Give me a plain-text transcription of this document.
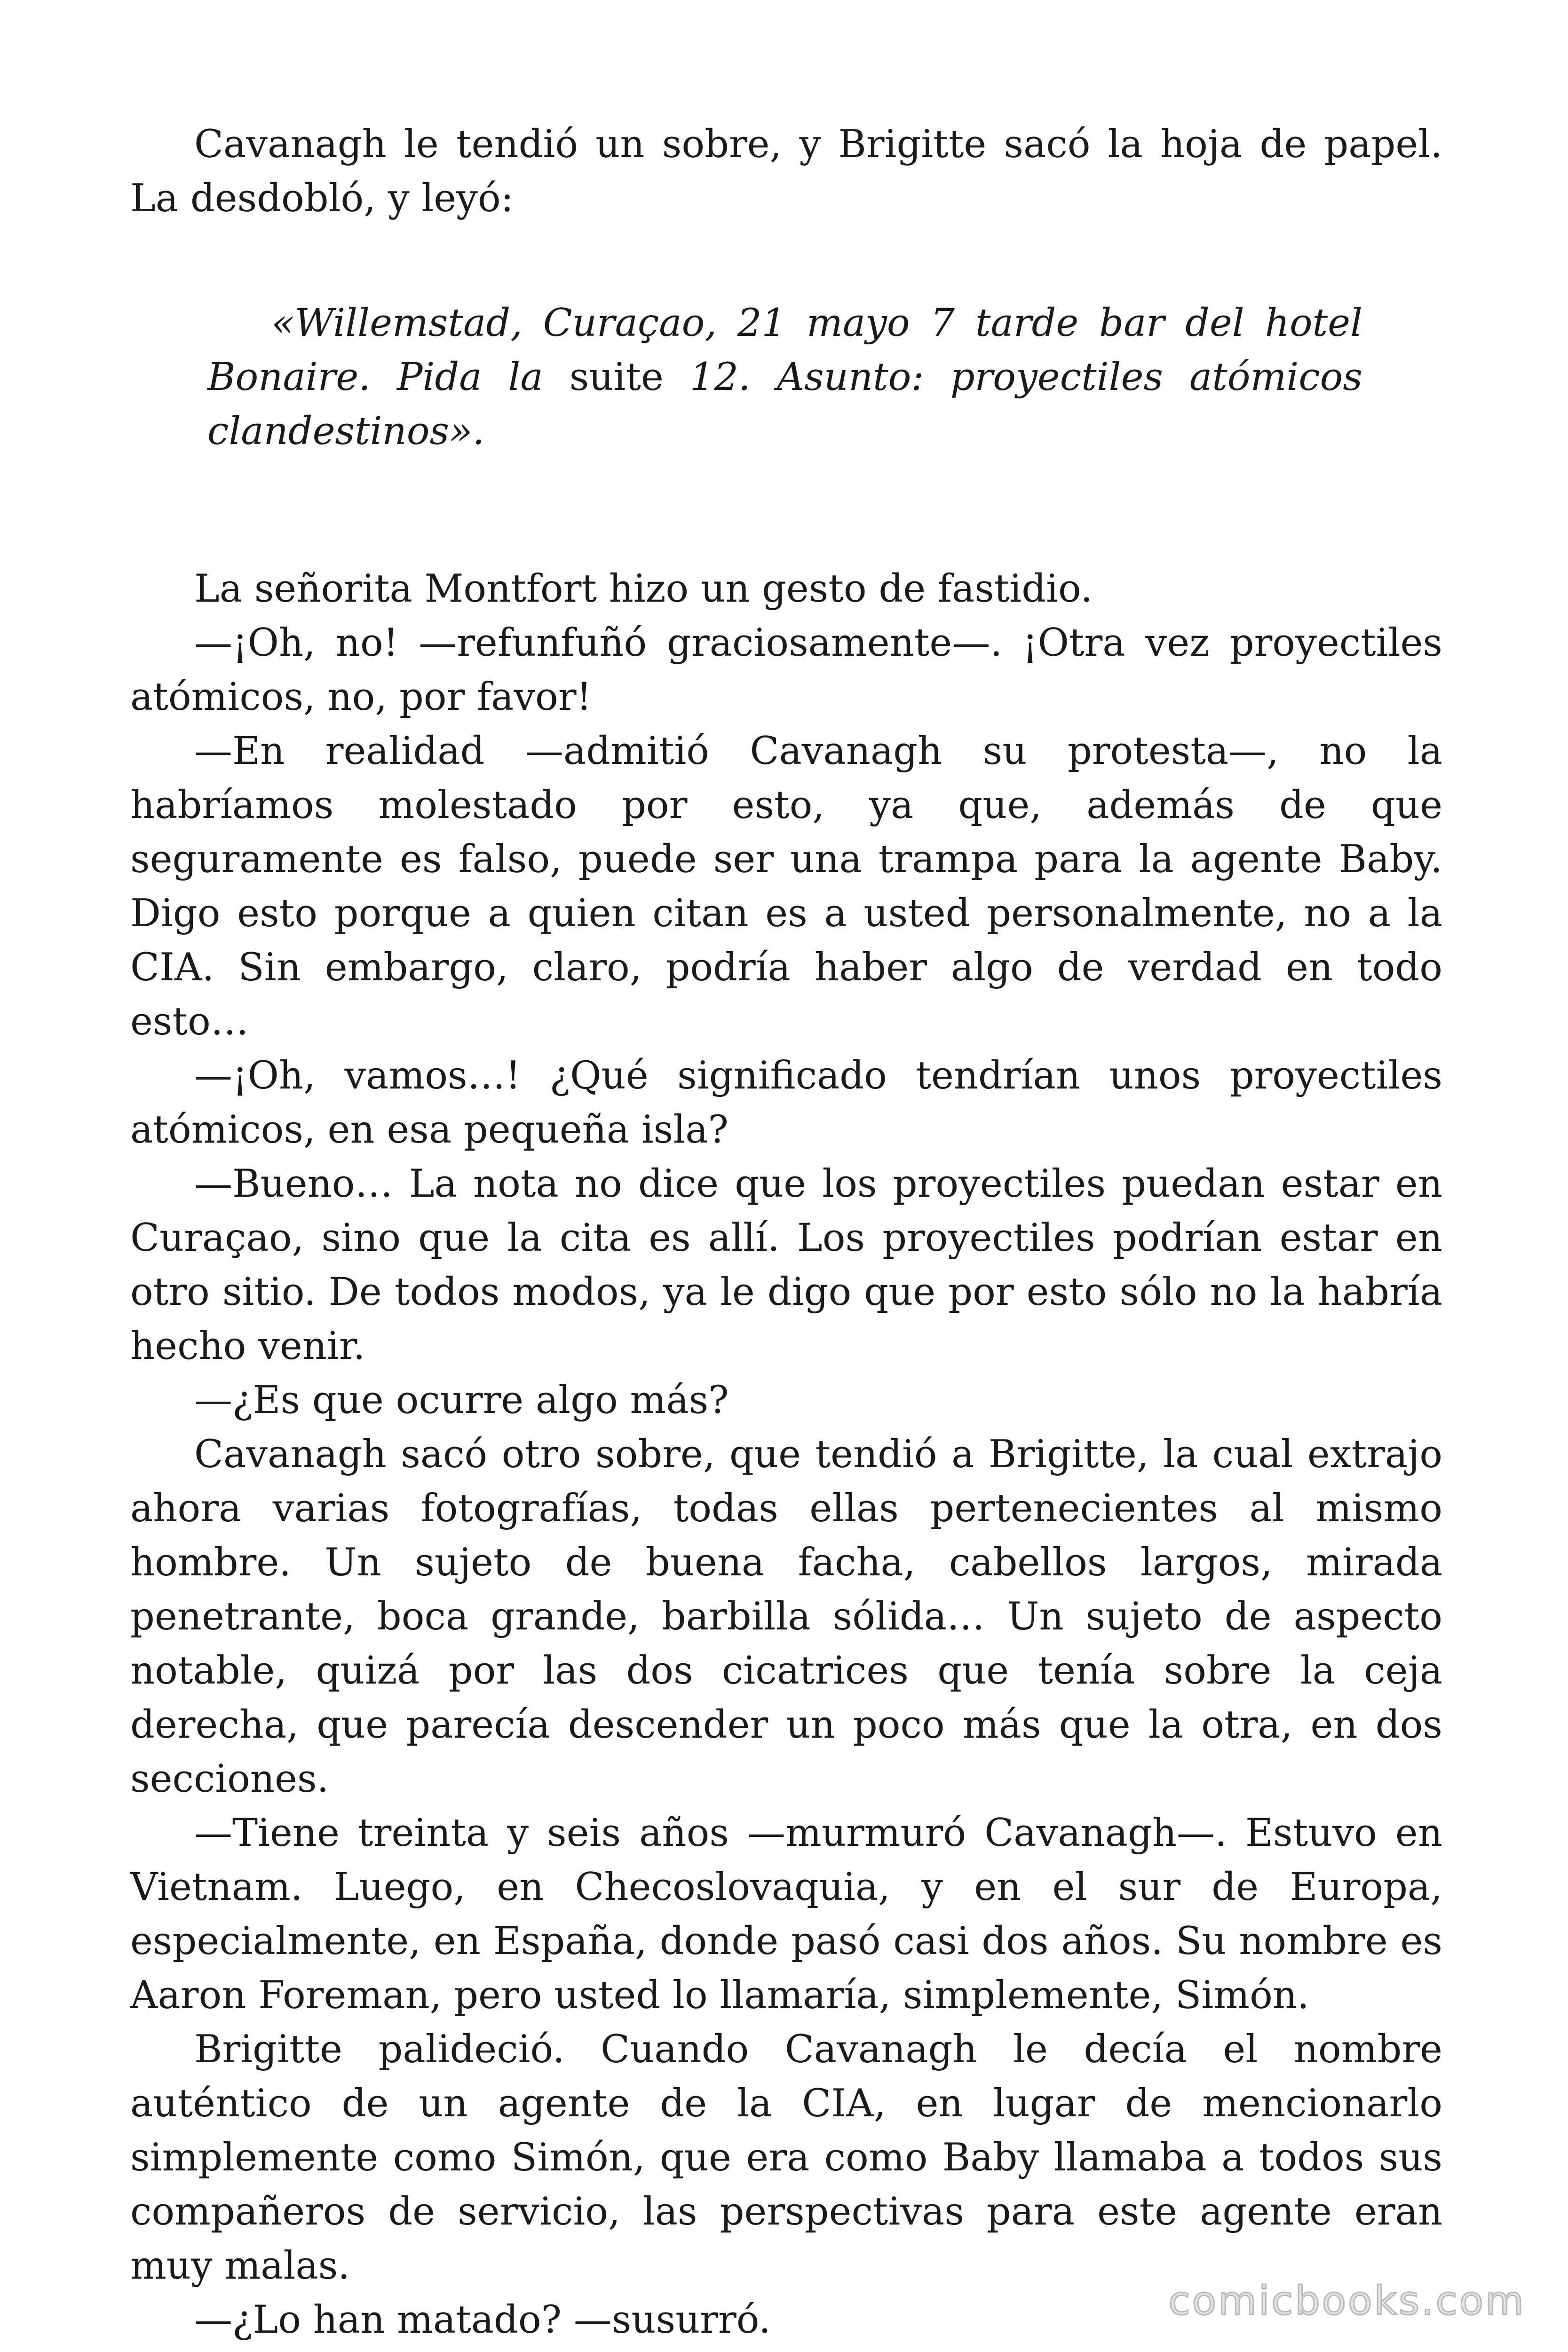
Cavanagh le tendió un sobre, y Brigitte sacó la hoja de papel. La desdobló, y leyó:

«Willemstad, Curaçao, 21 mayo 7 tarde bar del hotel Bonaire. Pida la suite 12. Asunto: proyectiles atómicos clandestinos».

La señorita Montfort hizo un gesto de fastidio.

—¡Oh, no! —refunfuñó graciosamente—. ¡Otra vez proyectiles atómicos, no, por favor!

—En realidad —admitió Cavanagh su protesta—, no la habríamos molestado por esto, ya que, además de que seguramente es falso, puede ser una trampa para la agente Baby. Digo esto porque a quien citan es a usted personalmente, no a la CIA. Sin embargo, claro, podría haber algo de verdad en todo esto…

—¡Oh, vamos…! ¿Qué significado tendrían unos proyectiles atómicos, en esa pequeña isla?

—Bueno… La nota no dice que los proyectiles puedan estar en Curaçao, sino que la cita es allí. Los proyectiles podrían estar en otro sitio. De todos modos, ya le digo que por esto sólo no la habría hecho venir.

—¿Es que ocurre algo más?

Cavanagh sacó otro sobre, que tendió a Brigitte, la cual extrajo ahora varias fotografías, todas ellas pertenecientes al mismo hombre. Un sujeto de buena facha, cabellos largos, mirada penetrante, boca grande, barbilla sólida… Un sujeto de aspecto notable, quizá por las dos cicatrices que tenía sobre la ceja derecha, que parecía descender un poco más que la otra, en dos secciones.

—Tiene treinta y seis años —murmuró Cavanagh—. Estuvo en Vietnam. Luego, en Checoslovaquia, y en el sur de Europa, especialmente, en España, donde pasó casi dos años. Su nombre es Aaron Foreman, pero usted lo llamaría, simplemente, Simón.

Brigitte palideció. Cuando Cavanagh le decía el nombre auténtico de un agente de la CIA, en lugar de mencionarlo simplemente como Simón, que era como Baby llamaba a todos sus compañeros de servicio, las perspectivas para este agente eran muy malas.

—¿Lo han matado? —susurró.	comicbooks.com
